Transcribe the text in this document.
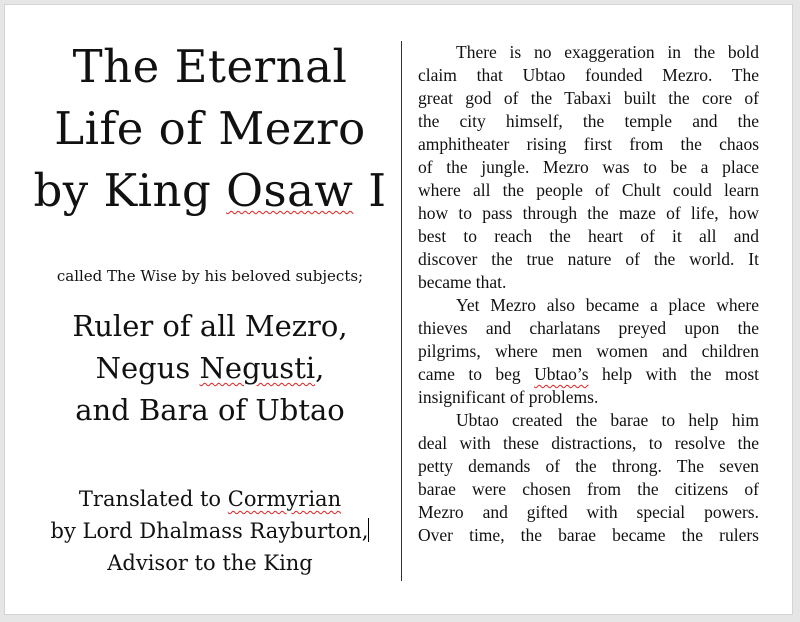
The Eternal
Life of Mezro
by King Osaw I
called The Wise by his beloved subjects;
Ruler of all Mezro,
Negus Negusti,
and Bara of Ubtao
Translated to Cormyrian
by Lord Dhalmass Rayburton,
Advisor to the King
There is no exaggeration in the bold
claim that Ubtao founded Mezro. The
great god of the Tabaxi built the core of
the city himself, the temple and the
amphitheater rising first from the chaos
of the jungle. Mezro was to be a place
where all the people of Chult could learn
how to pass through the maze of life, how
best to reach the heart of it all and
discover the true nature of the world. It
became that.
Yet Mezro also became a place where
thieves and charlatans preyed upon the
pilgrims, where men women and children
came to beg Ubtao’s help with the most
insignificant of problems.
Ubtao created the barae to help him
deal with these distractions, to resolve the
petty demands of the throng. The seven
barae were chosen from the citizens of
Mezro and gifted with special powers.
Over time, the barae became the rulers
